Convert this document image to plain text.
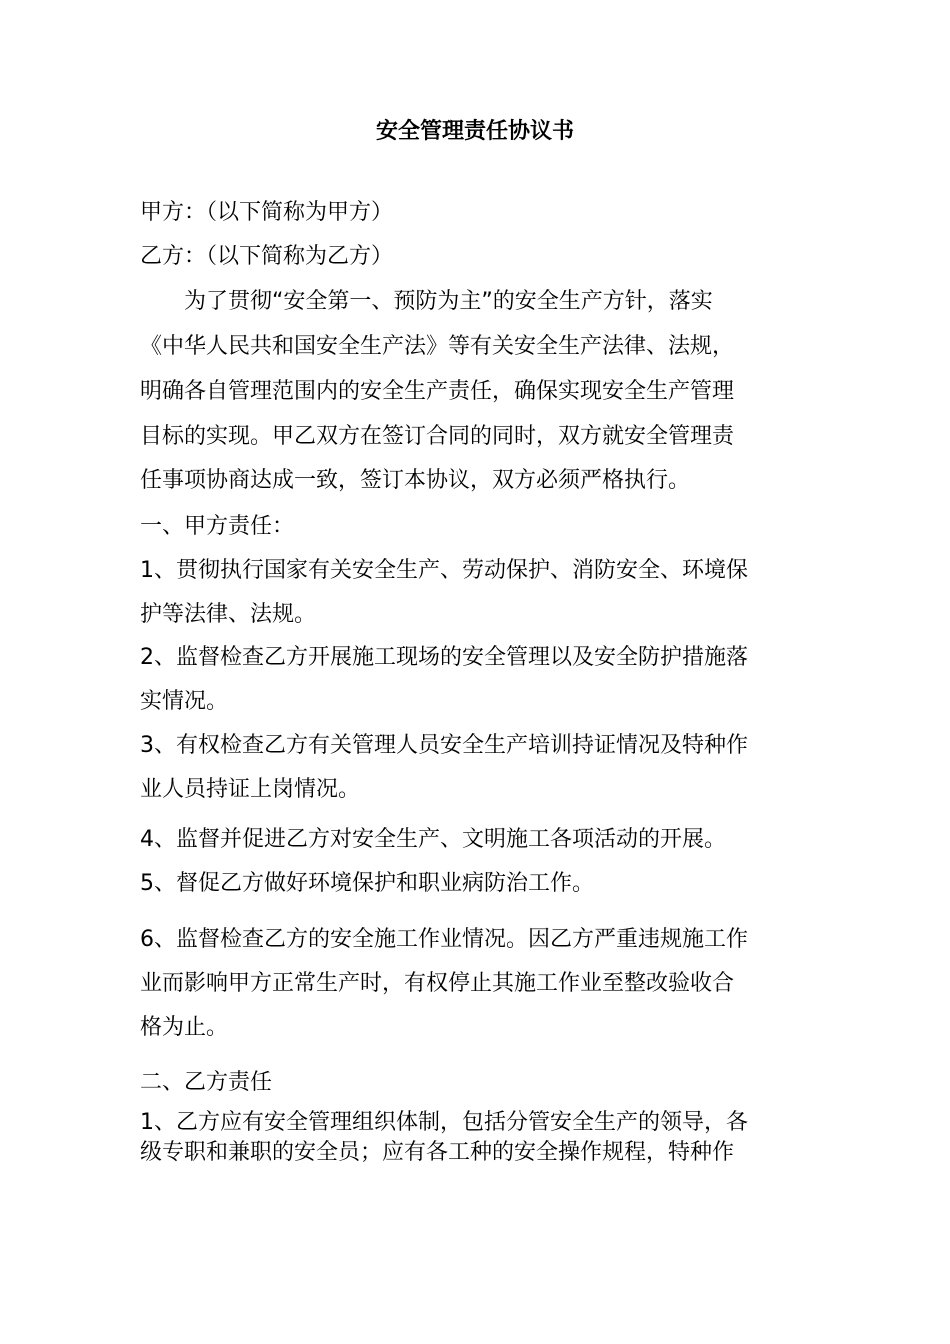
安全管理责任协议书
甲方：（以下简称为甲方）
乙方：（以下简称为乙方）
　　为了贯彻“安全第一、预防为主”的安全生产方针，落实
《中华人民共和国安全生产法》等有关安全生产法律、法规，
明确各自管理范围内的安全生产责任，确保实现安全生产管理
目标的实现。甲乙双方在签订合同的同时，双方就安全管理责
任事项协商达成一致，签订本协议，双方必须严格执行。
一、甲方责任：
1、贯彻执行国家有关安全生产、劳动保护、消防安全、环境保
护等法律、法规。
2、监督检查乙方开展施工现场的安全管理以及安全防护措施落
实情况。
3、有权检查乙方有关管理人员安全生产培训持证情况及特种作
业人员持证上岗情况。
4、监督并促进乙方对安全生产、文明施工各项活动的开展。
5、督促乙方做好环境保护和职业病防治工作。
6、监督检查乙方的安全施工作业情况。因乙方严重违规施工作
业而影响甲方正常生产时，有权停止其施工作业至整改验收合
格为止。
二、乙方责任
1、乙方应有安全管理组织体制，包括分管安全生产的领导，各
级专职和兼职的安全员；应有各工种的安全操作规程，特种作
